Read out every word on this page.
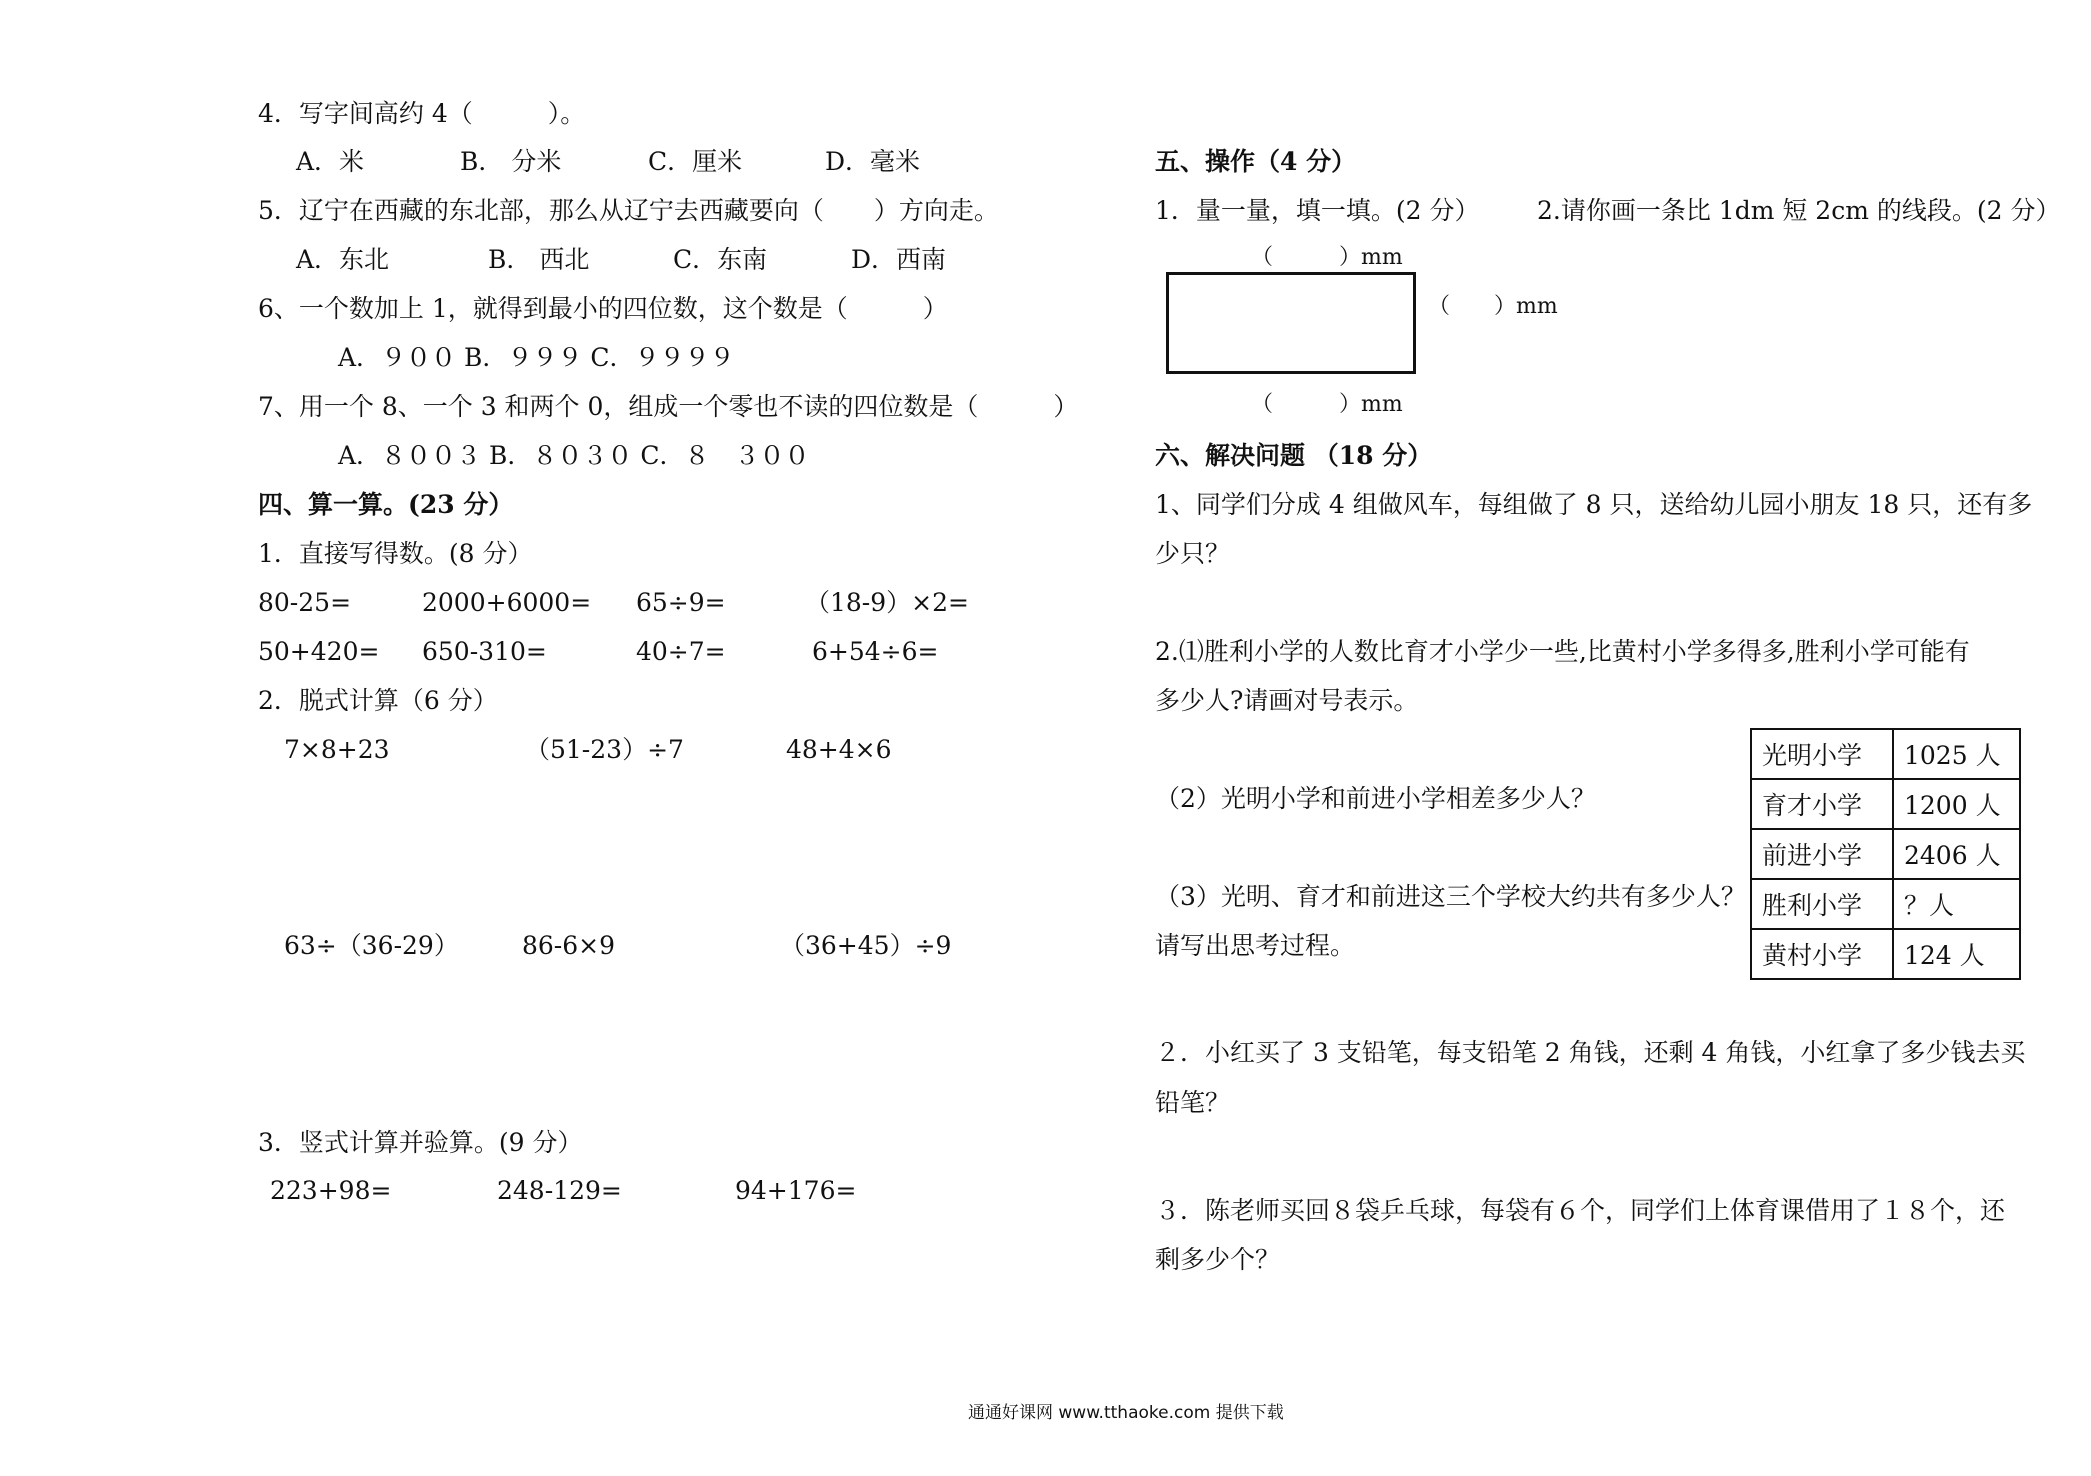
4．写字间高约 4（　　　）。
A．米	B． 分米	C．厘米	D．毫米
5．辽宁在西藏的东北部，那么从辽宁去西藏要向（　　）方向走。
A．东北	B． 西北	C．东南	D．西南
6、一个数加上 1，就得到最小的四位数，这个数是（　　　）
A．９００ B．９９９ C．９９９９
7、用一个 8、一个 3 和两个 0，组成一个零也不读的四位数是（　　　）
A．８００３ B．８０３０ C．８　３００
四、算一算。(23 分）
1．直接写得数。(8 分）
80-25=	2000+6000= 65÷9=	（18-9）×2=
50+420= 650-310=	40÷7=	6+54÷6=
2．脱式计算（6 分）
7×8+23	（51-23）÷7	48+4×6
63÷（36-29）	86-6×9	（36+45）÷9
3．竖式计算并验算。(9 分）
223+98=	248-129=	94+176=
五、操作（4 分）
1．量一量，填一填。(2 分） 2.请你画一条比 1dm 短 2cm 的线段。(2 分）
（　　　）mm
（　　）mm
（　　　）mm
六、解决问题 （18 分）
1、同学们分成 4 组做风车，每组做了 8 只，送给幼儿园小朋友 18 只，还有多
少只？
2.⑴胜利小学的人数比育才小学少一些,比黄村小学多得多,胜利小学可能有
多少人?请画对号表示。
（2）光明小学和前进小学相差多少人？
（3）光明、育才和前进这三个学校大约共有多少人？
请写出思考过程。
光明小学	1025 人
育才小学	1200 人
前进小学	2406 人
胜利小学	？人
黄村小学	124 人
２．小红买了 3 支铅笔，每支铅笔 2 角钱，还剩 4 角钱，小红拿了多少钱去买
铅笔？
３．陈老师买回８袋乒乓球，每袋有６个，同学们上体育课借用了１８个，还
剩多少个？
通通好课网 www.tthaoke.com 提供下载
